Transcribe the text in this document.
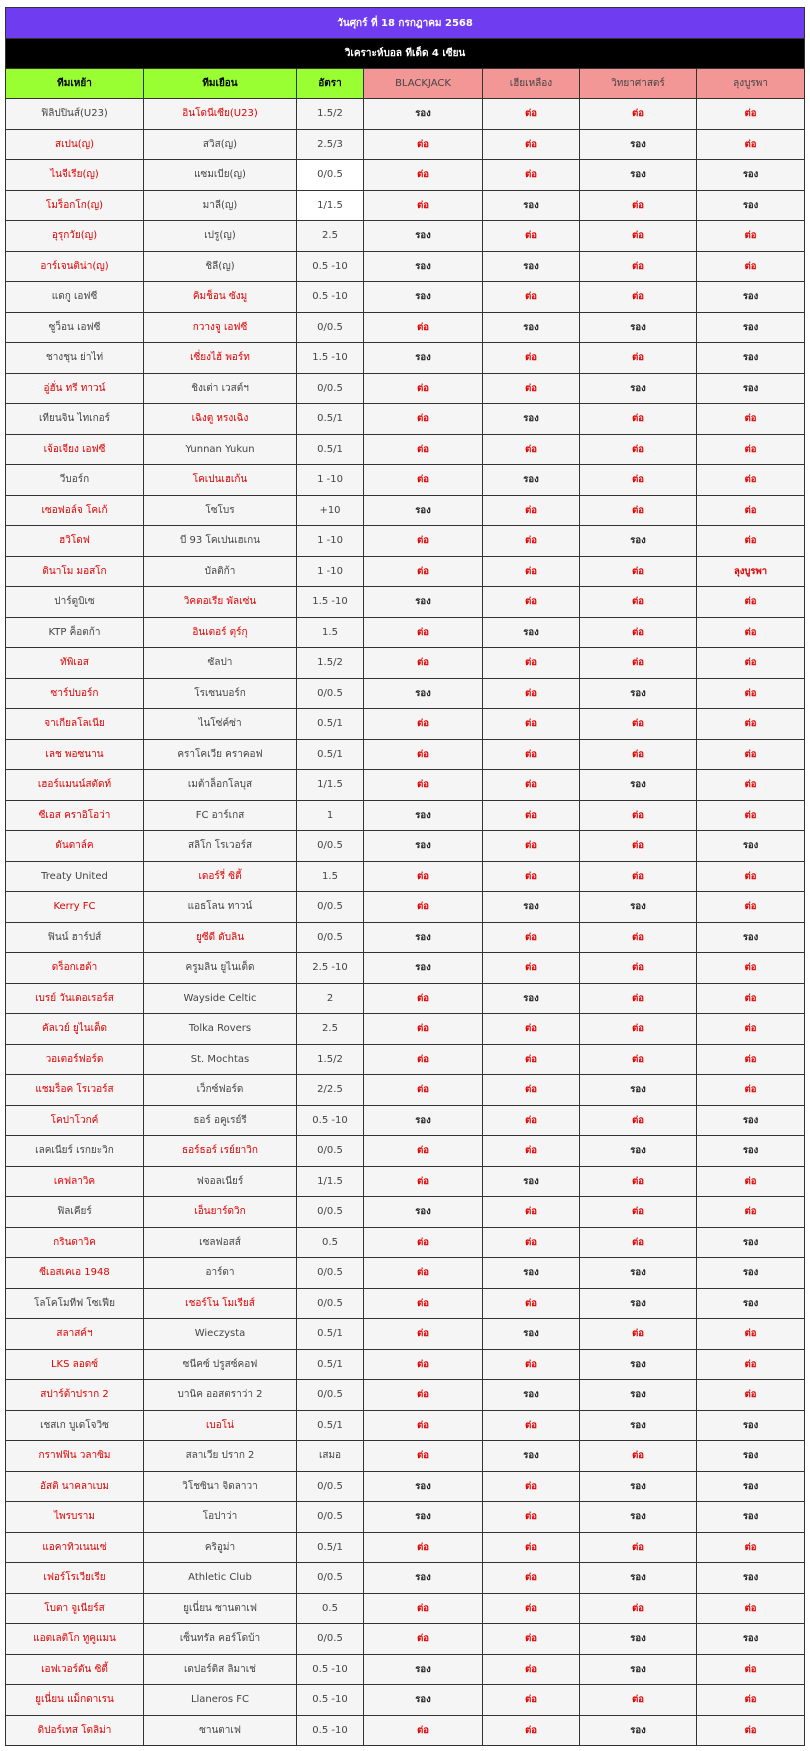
วันศุกร์ ที่ 18 กรกฎาคม 2568						
วิเคราะห์บอล ทีเด็ด 4 เซียน						
ทีมเหย้า	ทีมเยือน	อัตรา	BLACKJACK	เฮียเหลือง	วิทยาศาสตร์	ลุงบูรพา
ฟิลิปปินส์(U23)	อินโดนีเซีย(U23)	1.5/2	รอง	ต่อ	ต่อ	ต่อ
สเปน(ญ)	สวิส(ญ)	2.5/3	ต่อ	ต่อ	รอง	ต่อ
ไนจีเรีย(ญ)	แซมเบีย(ญ)	0/0.5	ต่อ	ต่อ	รอง	รอง
โมร็อกโก(ญ)	มาลี(ญ)	1/1.5	ต่อ	รอง	ต่อ	รอง
อุรุกวัย(ญ)	เปรู(ญ)	2.5	รอง	ต่อ	ต่อ	ต่อ
อาร์เจนติน่า(ญ)	ชิลี(ญ)	0.5 -10	รอง	รอง	ต่อ	ต่อ
แดกู เอฟซี	คิมช็อน ซังมู	0.5 -10	รอง	ต่อ	ต่อ	รอง
ซูว็อน เอฟซี	กวางจู เอฟซี	0/0.5	ต่อ	รอง	รอง	รอง
ชางชุน ย่าไท่	เซี่ยงไฮ้ พอร์ท	1.5 -10	รอง	ต่อ	ต่อ	รอง
อู่ฮั่น ทรี ทาวน์	ชิงเต่า เวสต์ฯ	0/0.5	ต่อ	ต่อ	รอง	รอง
เทียนจิน ไทเกอร์	เฉิงตู หรงเฉิง	0.5/1	ต่อ	รอง	ต่อ	ต่อ
เจ้อเจียง เอฟซี	Yunnan Yukun	0.5/1	ต่อ	ต่อ	ต่อ	ต่อ
วีบอร์ก	โคเปนเฮเก้น	1 -10	ต่อ	รอง	ต่อ	ต่อ
เซอฟอล์จ โคเก้	โซโบร	+10	รอง	ต่อ	ต่อ	ต่อ
ฮวิโดฟ	บี 93 โคเปนเฮเกน	1 -10	ต่อ	ต่อ	รอง	ต่อ
ดินาโม มอสโก	บัลติก้า	1 -10	ต่อ	ต่อ	ต่อ	ลุงบูรพา
ปาร์ดูบิเซ	วิคตอเรีย พัลเซ่น	1.5 -10	รอง	ต่อ	ต่อ	ต่อ
KTP ค็อตก้า	อินเตอร์ ตุร์กุ	1.5	ต่อ	รอง	ต่อ	ต่อ
ทัพิเอส	ซัลปา	1.5/2	ต่อ	ต่อ	ต่อ	ต่อ
ซาร์ปบอร์ก	โรเซนบอร์ก	0/0.5	รอง	ต่อ	รอง	ต่อ
จาเกียลโลเนีย	ไนโซ่ค์ซ่า	0.5/1	ต่อ	ต่อ	ต่อ	ต่อ
เลช พอซนาน	คราโคเวีย คราคอฟ	0.5/1	ต่อ	ต่อ	ต่อ	ต่อ
เฮอร์แมนน์สตัดท์	เมต้าล็อกโลบุส	1/1.5	ต่อ	ต่อ	รอง	ต่อ
ซีเอส คราอิโอว่า	FC อาร์เกส	1	รอง	ต่อ	ต่อ	ต่อ
ดันดาล์ค	สลิโก โรเวอร์ส	0/0.5	รอง	ต่อ	ต่อ	รอง
Treaty United	เดอร์รี่ ซิตี้	1.5	ต่อ	ต่อ	ต่อ	ต่อ
Kerry FC	แอธโลน ทาวน์	0/0.5	ต่อ	รอง	รอง	ต่อ
ฟินน์ ฮาร์ปส์	ยูซีดี ดับลิน	0/0.5	รอง	ต่อ	ต่อ	รอง
ดร็อกเฮด้า	ครูมลิน ยูไนเต็ด	2.5 -10	รอง	ต่อ	ต่อ	ต่อ
เบรย์ วันเดอเรอร์ส	Wayside Celtic	2	ต่อ	รอง	ต่อ	ต่อ
คัลเวย์ ยูไนเต็ด	Tolka Rovers	2.5	ต่อ	ต่อ	ต่อ	ต่อ
วอเตอร์ฟอร์ด	St. Mochtas	1.5/2	ต่อ	ต่อ	ต่อ	ต่อ
แชมร็อค โรเวอร์ส	เว็กซ์ฟอร์ด	2/2.5	ต่อ	ต่อ	รอง	ต่อ
โคปาโวกค์	ธอร์ อคูเรย์รี	0.5 -10	รอง	ต่อ	ต่อ	รอง
เลคเนียร์ เรกยะวิก	ธอร์ธอร์ เรย์ยาวิก	0/0.5	ต่อ	ต่อ	รอง	รอง
เคฟลาวิค	ฟจอลเนียร์	1/1.5	ต่อ	รอง	ต่อ	ต่อ
ฟิลเคียร์	เอ็นยาร์ดวิก	0/0.5	รอง	ต่อ	ต่อ	ต่อ
กรินดาวิค	เซลฟอสส์	0.5	ต่อ	ต่อ	ต่อ	รอง
ซีเอสเคเอ 1948	อาร์ดา	0/0.5	ต่อ	รอง	รอง	รอง
โลโคโมทีฟ โซเฟีย	เชอร์โน โมเรียส์	0/0.5	ต่อ	ต่อ	รอง	รอง
สลาสค์ฯ	Wieczysta	0.5/1	ต่อ	รอง	ต่อ	ต่อ
LKS ลอดซ์	ซนีคซ์ ปรูสซ์คอฟ	0.5/1	ต่อ	ต่อ	รอง	ต่อ
สปาร์ต้าปราก 2	บานิค ออสตราว่า 2	0/0.5	ต่อ	รอง	รอง	ต่อ
เชสเก บูเดโจวิซ	เบอโน่	0.5/1	ต่อ	ต่อ	รอง	รอง
กราฟฟิน วลาซิม	สลาเวีย ปราก 2	เสมอ	ต่อ	รอง	ต่อ	รอง
อัสติ นาคลาเบม	วิโชซินา จิดลาวา	0/0.5	รอง	ต่อ	รอง	รอง
ไพรบราม	โอปาว่า	0/0.5	รอง	ต่อ	รอง	รอง
แอคาทิวเนนเซ่	คริอูม่า	0.5/1	ต่อ	ต่อ	ต่อ	ต่อ
เฟอร์โรเวียเรีย	Athletic Club	0/0.5	รอง	ต่อ	รอง	รอง
โบตา จูเนียร์ส	ยูเนี่ยน ซานตาเฟ	0.5	ต่อ	ต่อ	ต่อ	ต่อ
แอตเลติโก ทูคูแมน	เซ็นทรัล คอร์โดบ้า	0/0.5	ต่อ	ต่อ	รอง	รอง
เอฟเวอร์ตัน ซิตี้	เดปอร์ติส ลิมาเช่	0.5 -10	รอง	ต่อ	รอง	ต่อ
ยูเนี่ยน แม็กดาเรน	Llaneros FC	0.5 -10	รอง	ต่อ	ต่อ	ต่อ
ดิปอร์เทส โตลิม่า	ซานตาเฟ	0.5 -10	ต่อ	ต่อ	รอง	ต่อ
